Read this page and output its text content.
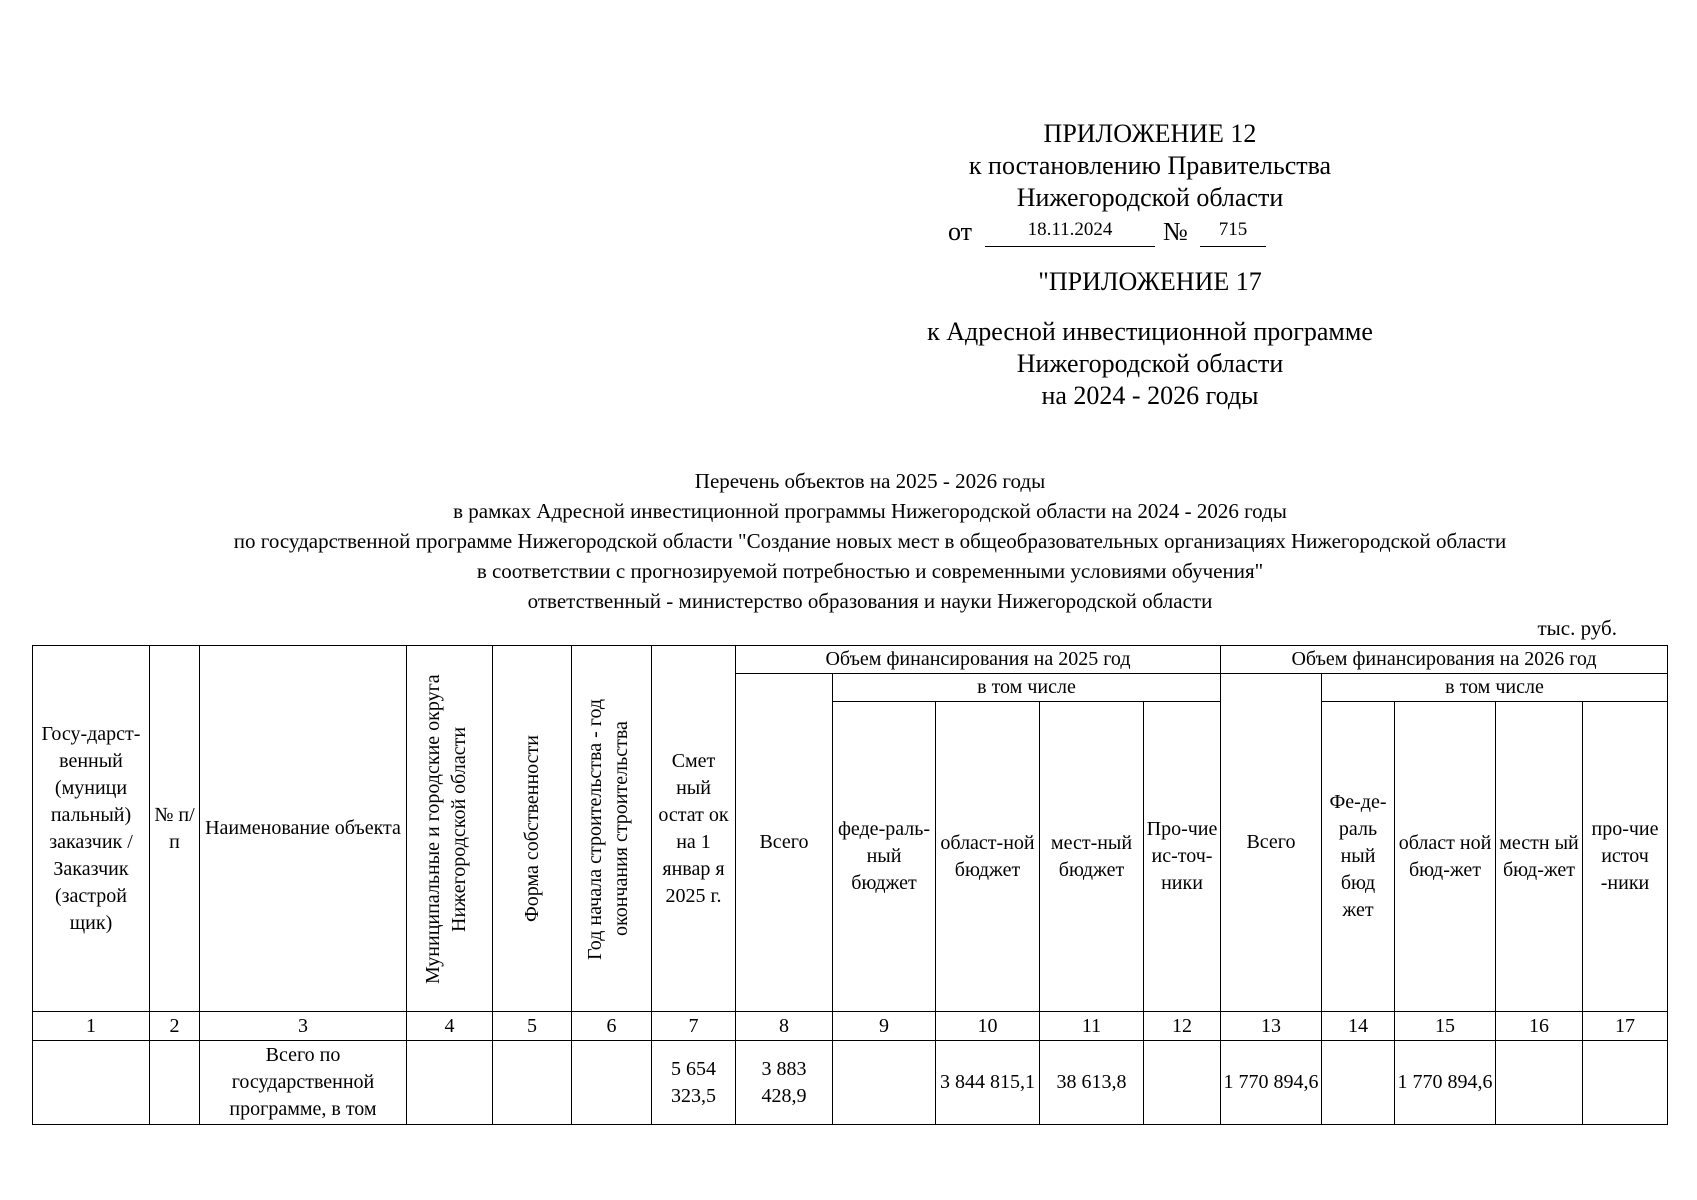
ПРИЛОЖЕНИЕ 12
к постановлению Правительства
Нижегородской области
от	18.11.2024	№	715
"ПРИЛОЖЕНИЕ 17
к Адресной инвестиционной программе
Нижегородской области
на 2024 - 2026 годы
Перечень объектов на 2025 - 2026 годы
в рамках Адресной инвестиционной программы Нижегородской области на 2024 - 2026 годы
по государственной программе Нижегородской области "Создание новых мест в общеобразовательных организациях Нижегородской области
в соответствии с прогнозируемой потребностью и современными условиями обучения"
ответственный - министерство образования и науки Нижегородской области
тыс. руб.
Госу-дарст-венный (муници пальный) заказчик / Заказчик (застрой щик)	№ п/п	Наименование объекта	Муниципальные и городские округа Нижегородской области	Форма собственности	Год начала строительства - год окончания строительства	Смет ный остат ок на 1 январ я 2025 г.	Объем финансирования на 2025 год					Объем финансирования на 2026 год				
							Всего	в том числе				Всего	в том числе			
								феде-раль-ный бюджет	област-ной бюджет	мест-ный бюджет	Про-чие ис-точ-ники		Фе-де-раль ный бюд жет	област ной бюд-жет	местн ый бюд-жет	про-чие источ -ники
1	2	3	4	5	6	7	8	9	10	11	12	13	14	15	16	17
		Всего по государственной программе, в том				5 654 323,5	3 883 428,9		3 844 815,1	38 613,8		1 770 894,6		1 770 894,6		
